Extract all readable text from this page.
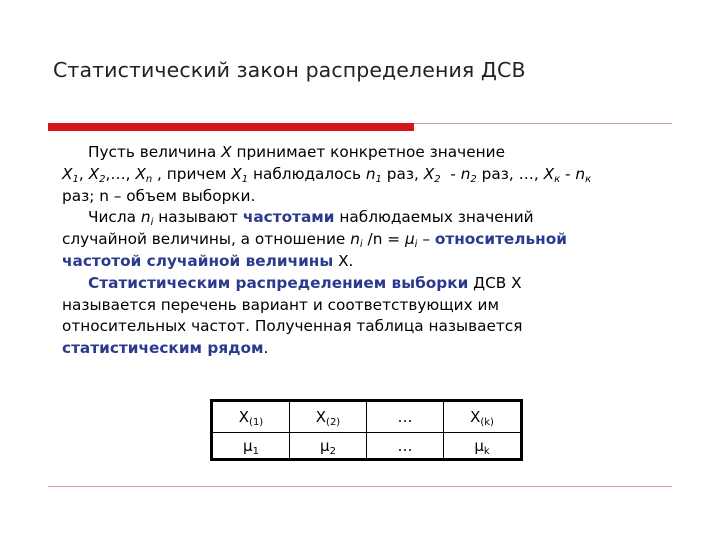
Статистический закон распределения ДСВ

Пусть величина X принимает конкретное значение

$X_1$, $X_2,\dots$, $X_n$ , причем $X_1$ наблюдалось $n_1$ раз, $X_2 - n_2$ раз, …, $X_к - n_к$

раз; n – объем выборки.

Числа $n_i$ называют частотами наблюдаемых значений

случайной величины, а отношение $n_i$ $/n = \mu_i$ – относительной

частотой случайной величины X.

Статистическим распределением выборки ДСВ X

называется перечень вариант и соответствующих им

относительных частот. Полученная таблица называется

статистическим рядом.

$X_{(1)}$	$X_{(2)}$	…	$X_{(k)}$
$\mu_1$	$\mu_2$	…	$\mu_k$
